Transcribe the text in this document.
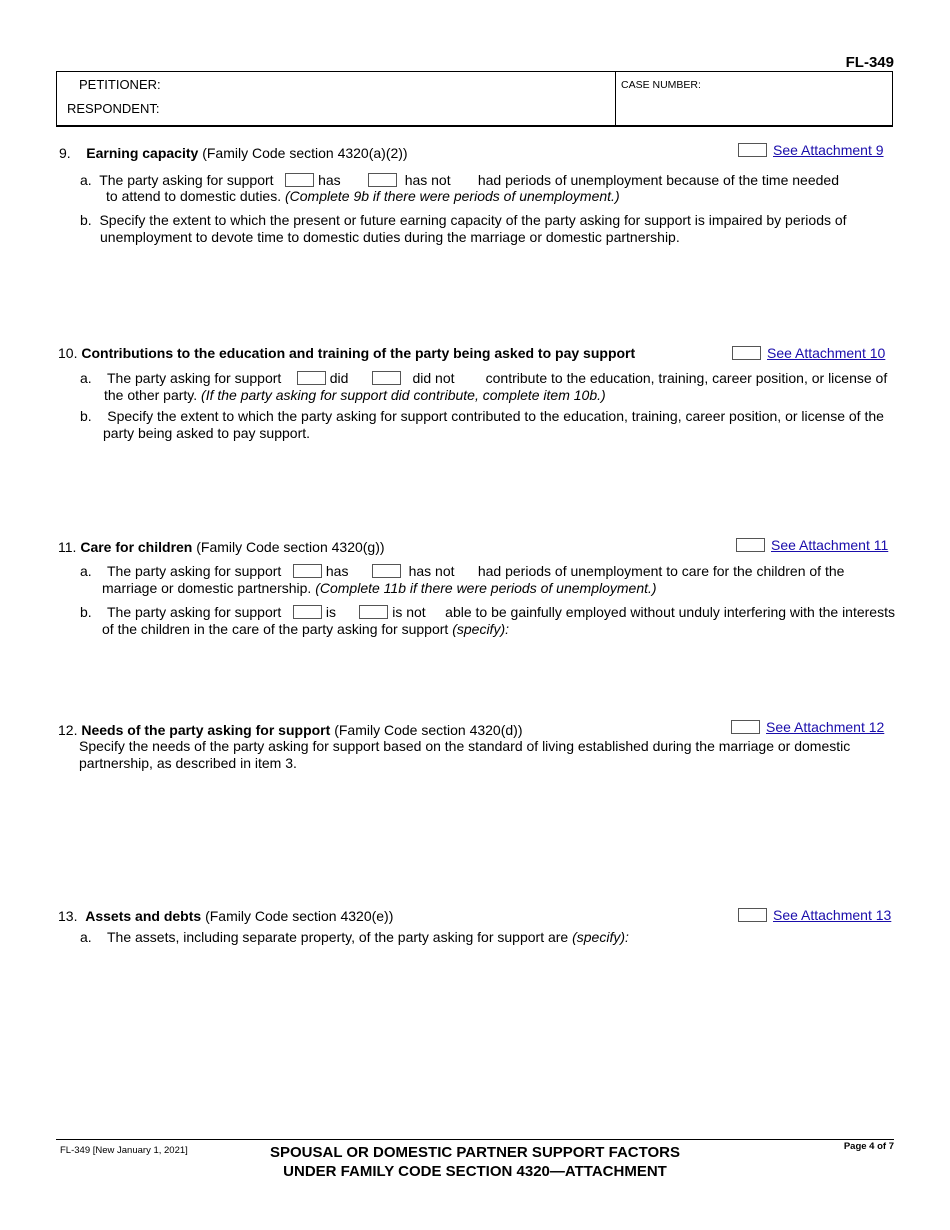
FL-349
PETITIONER:
RESPONDENT:
CASE NUMBER:
9. Earning capacity (Family Code section 4320(a)(2))	See Attachment 9
a. The party asking for support	has	has not had periods of unemployment because of the time needed
to attend to domestic duties. (Complete 9b if there were periods of unemployment.)
b. Specify the extent to which the present or future earning capacity of the party asking for support is impaired by periods of
unemployment to devote time to domestic duties during the marriage or domestic partnership.
10. Contributions to the education and training of the party being asked to pay support	See Attachment 10
a. The party asking for support	did	did not contribute to the education, training, career position, or license of
the other party. (If the party asking for support did contribute, complete item 10b.)
b. Specify the extent to which the party asking for support contributed to the education, training, career position, or license of the
party being asked to pay support.
11. Care for children (Family Code section 4320(g))	See Attachment 11
a. The party asking for support	has	has not had periods of unemployment to care for the children of the
marriage or domestic partnership. (Complete 11b if there were periods of unemployment.)
b. The party asking for support	is	is not able to be gainfully employed without unduly interfering with the interests
of the children in the care of the party asking for support (specify):
12. Needs of the party asking for support (Family Code section 4320(d))	See Attachment 12
Specify the needs of the party asking for support based on the standard of living established during the marriage or domestic
partnership, as described in item 3.
13. Assets and debts (Family Code section 4320(e))	See Attachment 13
a. The assets, including separate property, of the party asking for support are (specify):
FL-349 [New January 1, 2021]	Page 4 of 7
SPOUSAL OR DOMESTIC PARTNER SUPPORT FACTORS
UNDER FAMILY CODE SECTION 4320—ATTACHMENT
